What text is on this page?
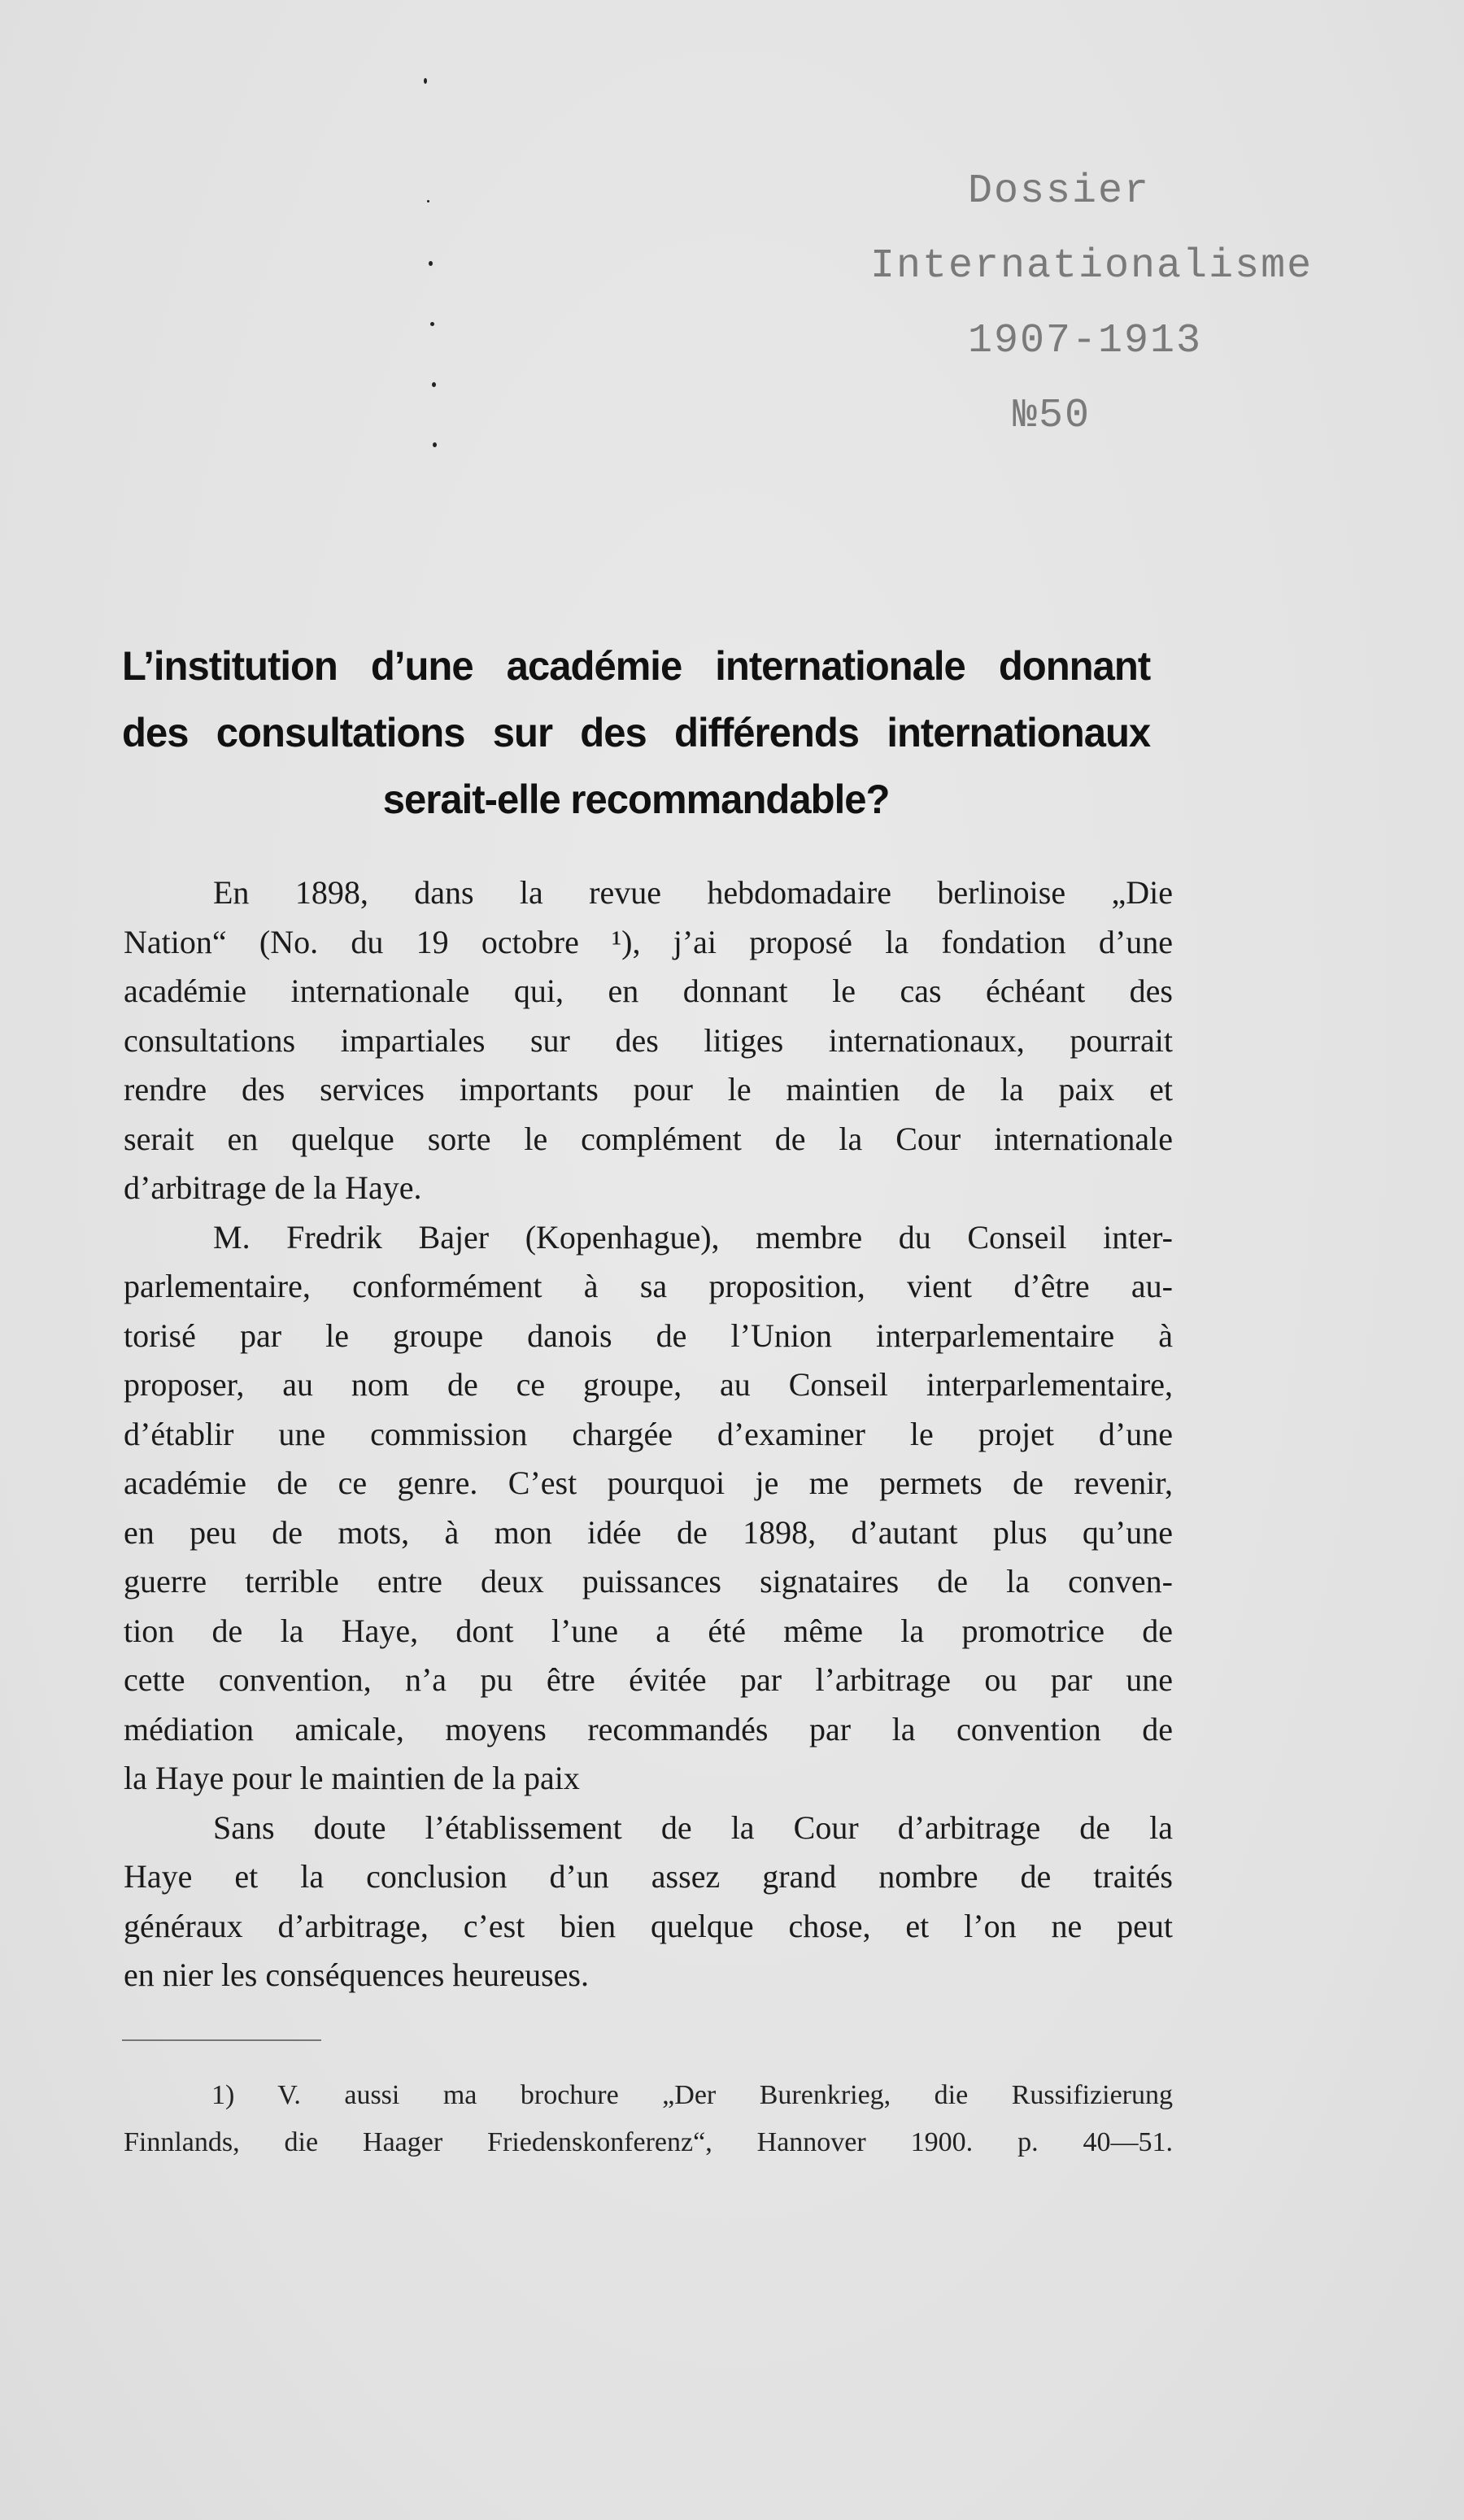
Dossier
Internationalisme
1907-1913
№50
L’institution d’une académie internationale donnant
des consultations sur des différends internationaux
serait-elle recommandable?
En 1898, dans la revue hebdomadaire berlinoise „Die
Nation“ (No. du 19 octobre ¹), j’ai proposé la fondation d’une
académie internationale qui, en donnant le cas échéant des
consultations impartiales sur des litiges internationaux, pourrait
rendre des services importants pour le maintien de la paix et
serait en quelque sorte le complément de la Cour internationale
d’arbitrage de la Haye.
M. Fredrik Bajer (Kopenhague), membre du Conseil inter-
parlementaire, conformément à sa proposition, vient d’être au-
torisé par le groupe danois de l’Union interparlementaire à
proposer, au nom de ce groupe, au Conseil interparlementaire,
d’établir une commission chargée d’examiner le projet d’une
académie de ce genre. C’est pourquoi je me permets de revenir,
en peu de mots, à mon idée de 1898, d’autant plus qu’une
guerre terrible entre deux puissances signataires de la conven-
tion de la Haye, dont l’une a été même la promotrice de
cette convention, n’a pu être évitée par l’arbitrage ou par une
médiation amicale, moyens recommandés par la convention de
la Haye pour le maintien de la paix
Sans doute l’établissement de la Cour d’arbitrage de la
Haye et la conclusion d’un assez grand nombre de traités
généraux d’arbitrage, c’est bien quelque chose, et l’on ne peut
en nier les conséquences heureuses.
1) V. aussi ma brochure „Der Burenkrieg, die Russifizierung
Finnlands, die Haager Friedenskonferenz“, Hannover 1900. p. 40—51.
